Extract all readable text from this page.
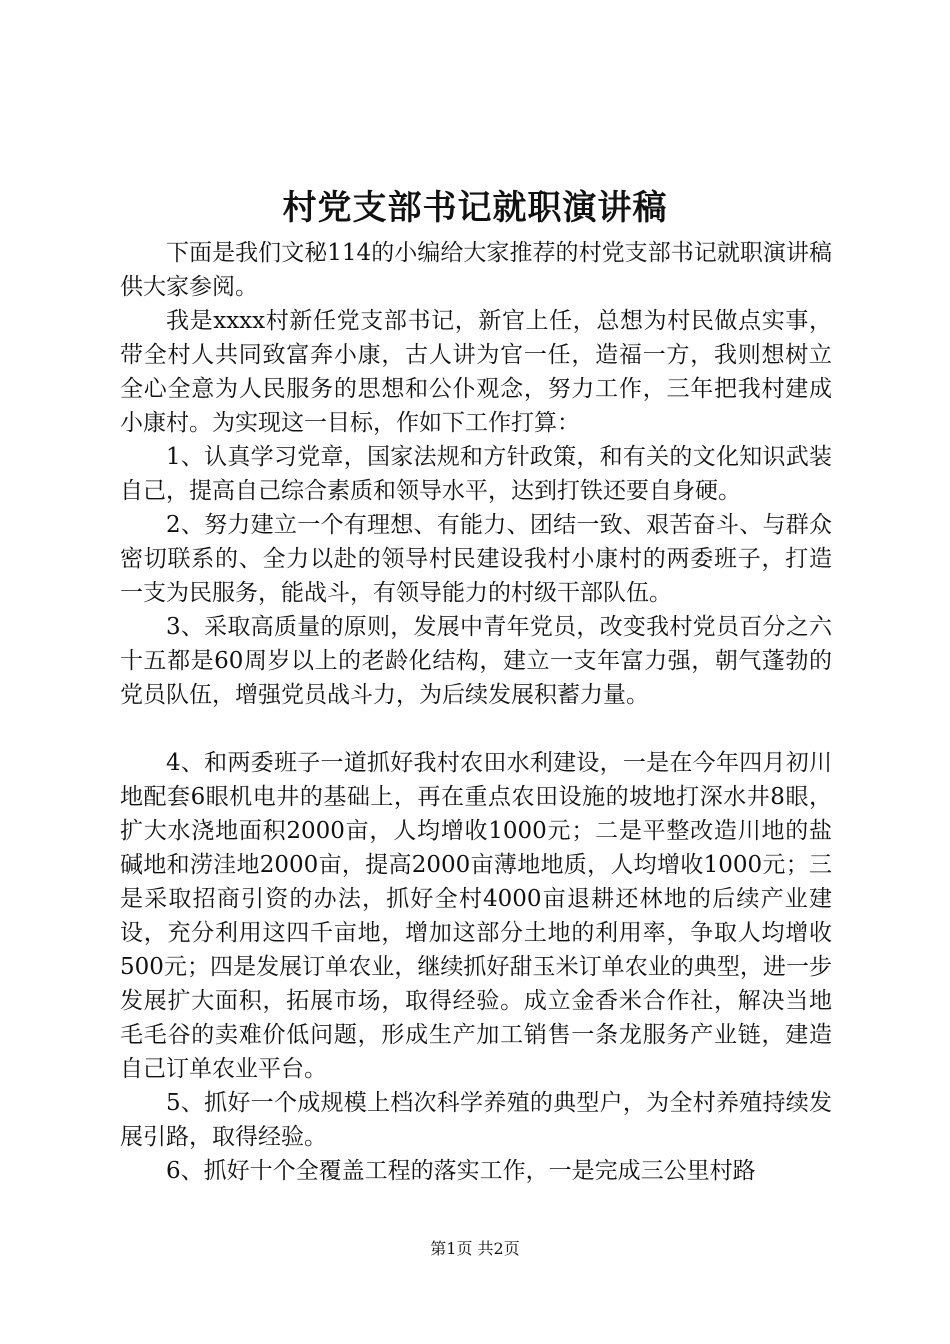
村党支部书记就职演讲稿

下面是我们文秘114的小编给大家推荐的村党支部书记就职演讲稿供大家参阅。

我是xxxx村新任党支部书记，新官上任，总想为村民做点实事，带全村人共同致富奔小康，古人讲为官一任，造福一方，我则想树立全心全意为人民服务的思想和公仆观念，努力工作，三年把我村建成小康村。为实现这一目标，作如下工作打算：

1、认真学习党章，国家法规和方针政策，和有关的文化知识武装自己，提高自己综合素质和领导水平，达到打铁还要自身硬。

2、努力建立一个有理想、有能力、团结一致、艰苦奋斗、与群众密切联系的、全力以赴的领导村民建设我村小康村的两委班子，打造一支为民服务，能战斗，有领导能力的村级干部队伍。

3、采取高质量的原则，发展中青年党员，改变我村党员百分之六十五都是60周岁以上的老龄化结构，建立一支年富力强，朝气蓬勃的党员队伍，增强党员战斗力，为后续发展积蓄力量。

4、和两委班子一道抓好我村农田水利建设，一是在今年四月初川地配套6眼机电井的基础上，再在重点农田设施的坡地打深水井8眼，扩大水浇地面积2000亩，人均增收1000元；二是平整改造川地的盐碱地和涝洼地2000亩，提高2000亩薄地地质，人均增收1000元；三是采取招商引资的办法，抓好全村4000亩退耕还林地的后续产业建设，充分利用这四千亩地，增加这部分土地的利用率，争取人均增收500元；四是发展订单农业，继续抓好甜玉米订单农业的典型，进一步发展扩大面积，拓展市场，取得经验。成立金香米合作社，解决当地毛毛谷的卖难价低问题，形成生产加工销售一条龙服务产业链，建造自己订单农业平台。

5、抓好一个成规模上档次科学养殖的典型户，为全村养殖持续发展引路，取得经验。

6、抓好十个全覆盖工程的落实工作，一是完成三公里村路

第1页 共2页
